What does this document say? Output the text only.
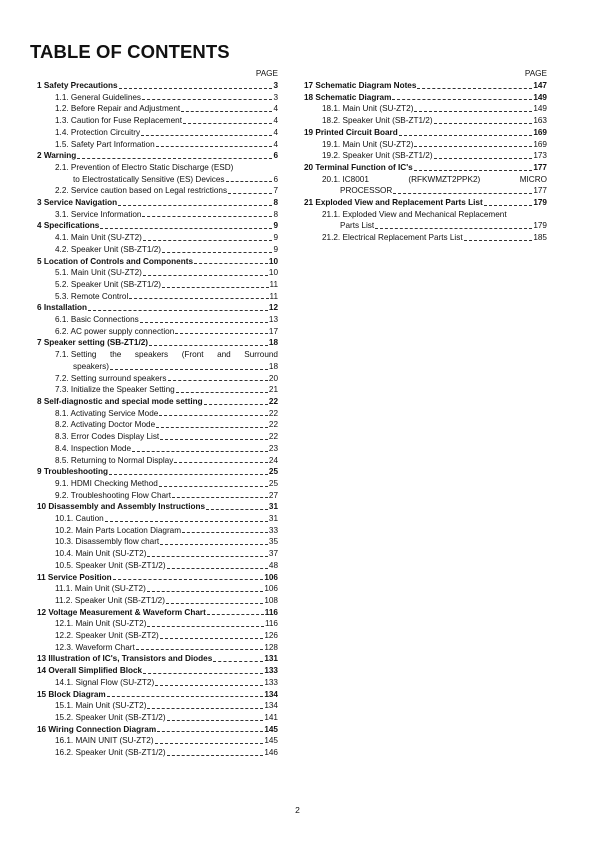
TABLE OF CONTENTS
PAGE
1 Safety Precautions	3
1.1. General Guidelines	3
1.2. Before Repair and Adjustment	4
1.3. Caution for Fuse Replacement	4
1.4. Protection Circuitry	4
1.5. Safety Part Information	4
2 Warning	6
2.1. Prevention of Electro Static Discharge (ESD)
to Electrostatically Sensitive (ES) Devices	6
2.2. Service caution based on Legal restrictions	7
3 Service Navigation	8
3.1. Service Information	8
4 Specifications	9
4.1. Main Unit (SU-ZT2)	9
4.2. Speaker Unit (SB-ZT1/2)	9
5 Location of Controls and Components	10
5.1. Main Unit (SU-ZT2)	10
5.2. Speaker Unit (SB-ZT1/2)	11
5.3. Remote Control	11
6 Installation	12
6.1. Basic Connections	13
6.2. AC power supply connection	17
7 Speaker setting (SB-ZT1/2)	18
7.1. Setting the speakers (Front and Surround
speakers)	18
7.2. Setting surround speakers	20
7.3. Initialize the Speaker Setting	21
8 Self-diagnostic and special mode setting	22
8.1. Activating Service Mode	22
8.2. Activating Doctor Mode	22
8.3. Error Codes Display List	22
8.4. Inspection Mode	23
8.5. Returning to Normal Display	24
9 Troubleshooting	25
9.1. HDMI Checking Method	25
9.2. Troubleshooting Flow Chart	27
10 Disassembly and Assembly Instructions	31
10.1. Caution	31
10.2. Main Parts Location Diagram	33
10.3. Disassembly flow chart	35
10.4. Main Unit (SU-ZT2)	37
10.5. Speaker Unit (SB-ZT1/2)	48
11 Service Position	106
11.1. Main Unit (SU-ZT2)	106
11.2. Speaker Unit (SB-ZT1/2)	108
12 Voltage Measurement & Waveform Chart	116
12.1. Main Unit (SU-ZT2)	116
12.2. Speaker Unit (SB-ZT2)	126
12.3. Waveform Chart	128
13 Illustration of IC's, Transistors and Diodes	131
14 Overall Simplified Block	133
14.1. Signal Flow (SU-ZT2)	133
15 Block Diagram	134
15.1. Main Unit (SU-ZT2)	134
15.2. Speaker Unit (SB-ZT1/2)	141
16 Wiring Connection Diagram	145
16.1. MAIN UNIT (SU-ZT2)	145
16.2. Speaker Unit (SB-ZT1/2)	146
PAGE
17 Schematic Diagram Notes	147
18 Schematic Diagram	149
18.1. Main Unit (SU-ZT2)	149
18.2. Speaker Unit (SB-ZT1/2)	163
19 Printed Circuit Board	169
19.1. Main Unit (SU-ZT2)	169
19.2. Speaker Unit (SB-ZT1/2)	173
20 Terminal Function of IC's	177
20.1. IC8001	(RFKWMZT2PPK2)	MICRO
PROCESSOR	177
21 Exploded View and Replacement Parts List	179
21.1. Exploded View and Mechanical Replacement
Parts List	179
21.2. Electrical Replacement Parts List	185
2
